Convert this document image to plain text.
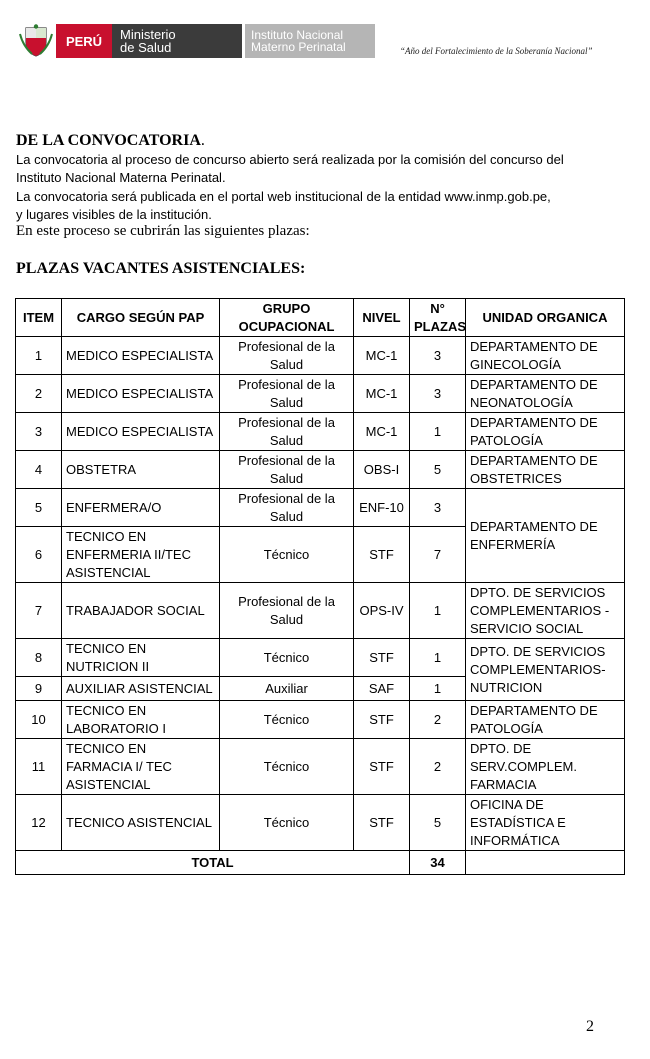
PERÚ Ministerio
de Salud
Instituto Nacional
Materno Perinatal	“Año del Fortalecimiento de la Soberanía Nacional”
DE LA CONVOCATORIA.
La convocatoria al proceso de concurso abierto será realizada por la comisión del concurso del
Instituto Nacional Materna Perinatal.
La convocatoria será publicada en el portal web institucional de la entidad www.inmp.gob.pe,
y lugares visibles de la institución.
En este proceso se cubrirán las siguientes plazas:
PLAZAS VACANTES ASISTENCIALES:
ITEM	CARGO SEGÚN PAP	GRUPO OCUPACIONAL	NIVEL	N° PLAZAS	UNIDAD ORGANICA
1	MEDICO ESPECIALISTA	Profesional de la Salud	MC-1	3	DEPARTAMENTO DE GINECOLOGÍA
2	MEDICO ESPECIALISTA	Profesional de la Salud	MC-1	3	DEPARTAMENTO DE NEONATOLOGÍA
3	MEDICO ESPECIALISTA	Profesional de la Salud	MC-1	1	DEPARTAMENTO DE PATOLOGÍA
4	OBSTETRA	Profesional de la Salud	OBS-I	5	DEPARTAMENTO DE OBSTETRICES
5	ENFERMERA/O	Profesional de la Salud	ENF-10	3	DEPARTAMENTO DE ENFERMERÍA
6	TECNICO EN ENFERMERIA II/TEC ASISTENCIAL	Técnico	STF	7	
7	TRABAJADOR SOCIAL	Profesional de la Salud	OPS-IV	1	DPTO. DE SERVICIOS COMPLEMENTARIOS - SERVICIO SOCIAL
8	TECNICO EN NUTRICION II	Técnico	STF	1	DPTO. DE SERVICIOS COMPLEMENTARIOS- NUTRICION
9	AUXILIAR ASISTENCIAL	Auxiliar	SAF	1	
10	TECNICO EN LABORATORIO I	Técnico	STF	2	DEPARTAMENTO DE PATOLOGÍA
11	TECNICO EN FARMACIA I/ TEC ASISTENCIAL	Técnico	STF	2	DPTO. DE SERV.COMPLEM. FARMACIA
12	TECNICO ASISTENCIAL	Técnico	STF	5	OFICINA DE ESTADÍSTICA E INFORMÁTICA
TOTAL				34	
2
